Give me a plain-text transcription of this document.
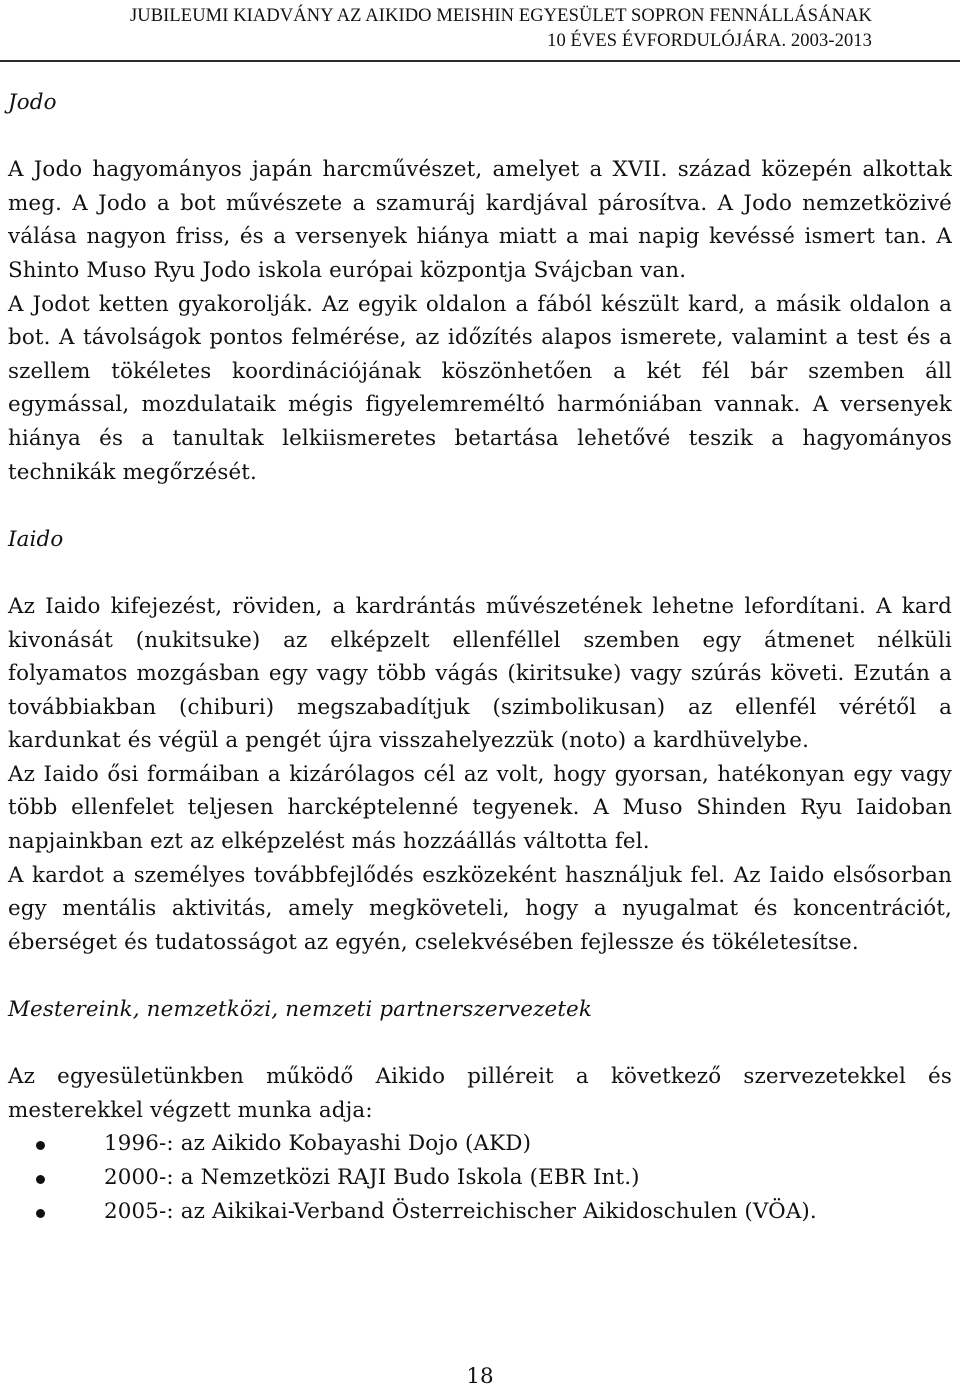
JUBILEUMI KIADVÁNY AZ AIKIDO MEISHIN EGYESÜLET SOPRON FENNÁLLÁSÁNAK
10 ÉVES ÉVFORDULÓJÁRA. 2003-2013

Jodo

A Jodo hagyományos japán harcművészet, amelyet a XVII. század közepén alkottak meg. A Jodo a bot művészete a szamuráj kardjával párosítva. A Jodo nemzetközivé válása nagyon friss, és a versenyek hiánya miatt a mai napig kevéssé ismert tan. A Shinto Muso Ryu Jodo iskola európai központja Svájcban van.

A Jodot ketten gyakorolják. Az egyik oldalon a fából készült kard, a másik oldalon a bot. A távolságok pontos felmérése, az időzítés alapos ismerete, valamint a test és a szellem tökéletes koordinációjának köszönhetően a két fél bár szemben áll egymással, mozdulataik mégis figyelemreméltó harmóniában vannak. A versenyek hiánya és a tanultak lelkiismeretes betartása lehetővé teszik a hagyományos technikák megőrzését.

Iaido

Az Iaido kifejezést, röviden, a kardrántás művészetének lehetne lefordítani. A kard kivonását (nukitsuke) az elképzelt ellenféllel szemben egy átmenet nélküli folyamatos mozgásban egy vagy több vágás (kiritsuke) vagy szúrás követi. Ezután a továbbiakban (chiburi) megszabadítjuk (szimbolikusan) az ellenfél vérétől a kardunkat és végül a pengét újra visszahelyezzük (noto) a kardhüvelybe.

Az Iaido ősi formáiban a kizárólagos cél az volt, hogy gyorsan, hatékonyan egy vagy több ellenfelet teljesen harcképtelenné tegyenek. A Muso Shinden Ryu Iaidoban napjainkban ezt az elképzelést más hozzáállás váltotta fel.

A kardot a személyes továbbfejlődés eszközeként használjuk fel. Az Iaido elsősorban egy mentális aktivitás, amely megköveteli, hogy a nyugalmat és koncentrációt, éberséget és tudatosságot az egyén, cselekvésében fejlessze és tökéletesítse.

Mestereink, nemzetközi, nemzeti partnerszervezetek

Az egyesületünkben működő Aikido pilléreit a következő szervezetekkel és mesterekkel végzett munka adja:

1996-: az Aikido Kobayashi Dojo (AKD)
2000-: a Nemzetközi RAJI Budo Iskola (EBR Int.)
2005-: az Aikikai-Verband Österreichischer Aikidoschulen (VÖA).
18
